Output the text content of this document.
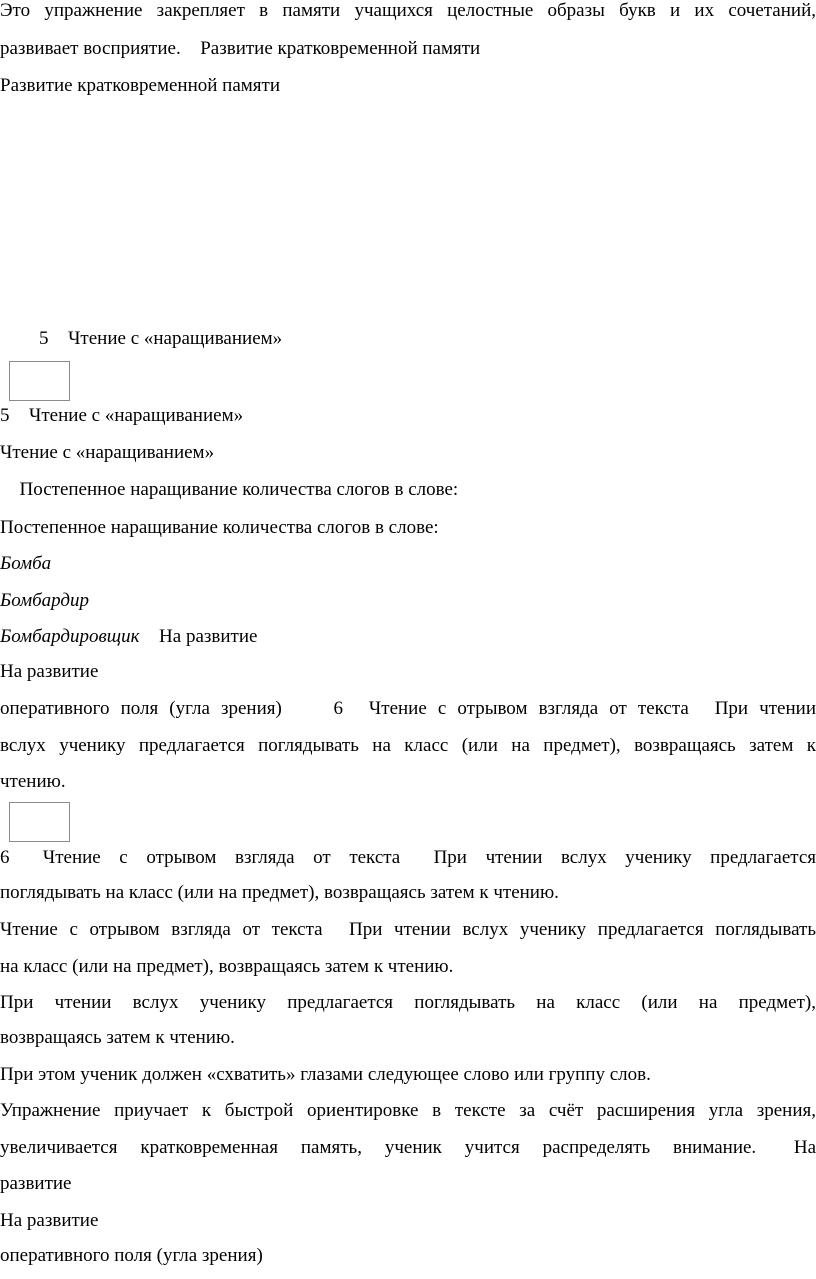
Это упражнение закрепляет в памяти учащихся целостные образы букв и их сочетаний,
развивает восприятие. Развитие кратковременной памяти
Развитие кратковременной памяти
5 Чтение с «наращиванием»
5 Чтение с «наращиванием»
Чтение с «наращиванием»
Постепенное наращивание количества слогов в слове:
Постепенное наращивание количества слогов в слове:
Бомба
Бомбардир
Бомбардировщик На развитие
На развитие
оперативного поля (угла зрения) 6 Чтение с отрывом взгляда от текста При чтении
вслух ученику предлагается поглядывать на класс (или на предмет), возвращаясь затем к
чтению.
6 Чтение с отрывом взгляда от текста При чтении вслух ученику предлагается
поглядывать на класс (или на предмет), возвращаясь затем к чтению.
Чтение с отрывом взгляда от текста При чтении вслух ученику предлагается поглядывать
на класс (или на предмет), возвращаясь затем к чтению.
При чтении вслух ученику предлагается поглядывать на класс (или на предмет),
возвращаясь затем к чтению.
При этом ученик должен «схватить» глазами следующее слово или группу слов.
Упражнение приучает к быстрой ориентировке в тексте за счёт расширения угла зрения,
увеличивается кратковременная память, ученик учится распределять внимание. На
развитие
На развитие
оперативного поля (угла зрения)
